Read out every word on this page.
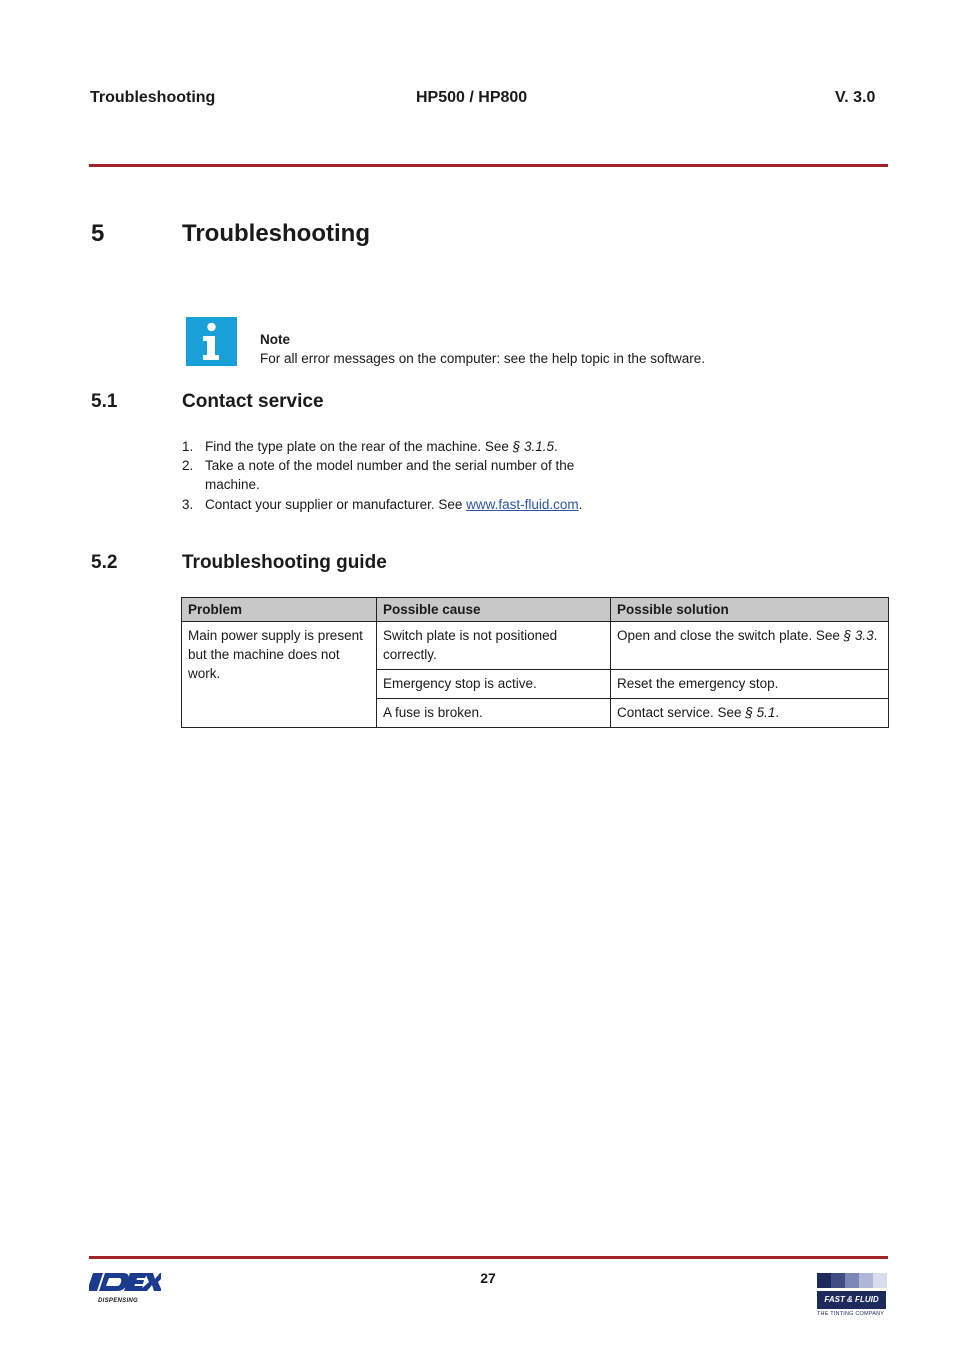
Troubleshooting	HP500 / HP800	V. 3.0
5	Troubleshooting
Note
For all error messages on the computer: see the help topic in the software.
5.1	Contact service
1. Find the type plate on the rear of the machine. See § 3.1.5.
2. Take a note of the model number and the serial number of the machine.
3. Contact your supplier or manufacturer. See www.fast-fluid.com.
5.2	Troubleshooting guide
Problem	Possible cause	Possible solution
Main power supply is present but the machine does not work.	Switch plate is not positioned correctly.	Open and close the switch plate. See § 3.3.
	Emergency stop is active.	Reset the emergency stop.
	A fuse is broken.	Contact service. See § 5.1.
27
DISPENSING	FAST & FLUID
THE TINTING COMPANY
